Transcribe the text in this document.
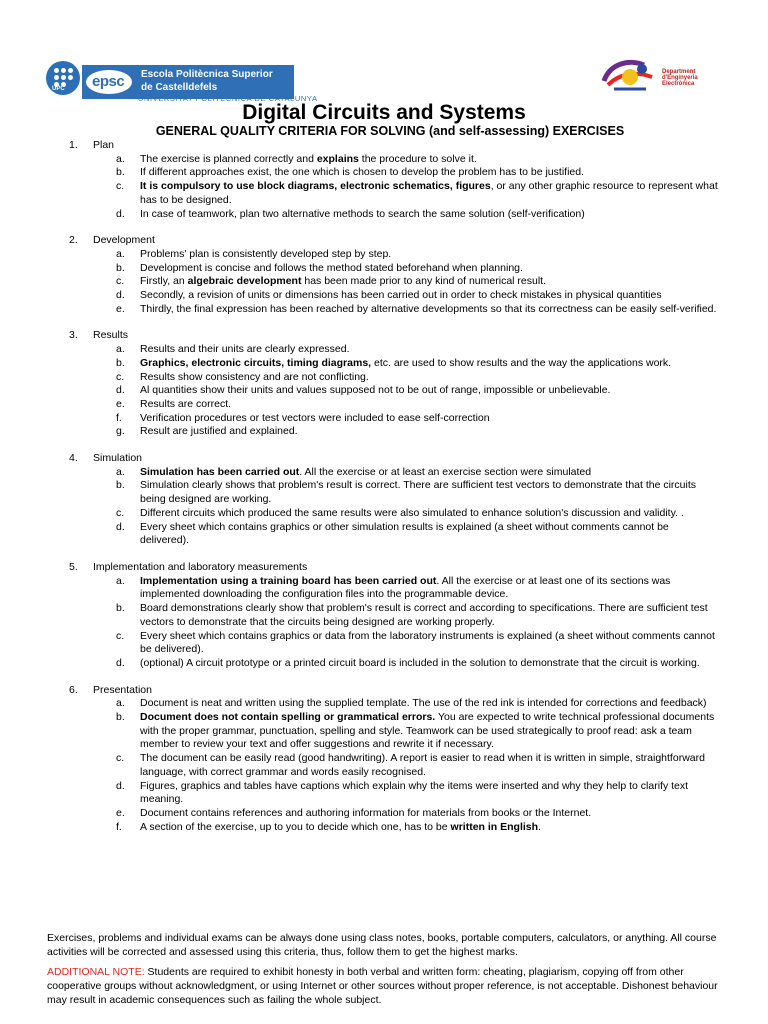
UPC epsc Escola Politècnica Superior
de Castelldefels
UNIVERSITAT POLITÈCNICA DE CATALUNYA
Department
d'Enginyeria
Electrònica
Digital Circuits and Systems
GENERAL QUALITY CRITERIA FOR SOLVING (and self-assessing) EXERCISES
1. Plan
a. The exercise is planned correctly and explains the procedure to solve it.
b. If different approaches exist, the one which is chosen to develop the problem has to be justified.
c. It is compulsory to use block diagrams, electronic schematics, figures, or any other graphic resource to represent what has to be designed.
d. In case of teamwork, plan two alternative methods to search the same solution (self-verification)
2. Development
a. Problems' plan is consistently developed step by step.
b. Development is concise and follows the method stated beforehand when planning.
c. Firstly, an algebraic development has been made prior to any kind of numerical result.
d. Secondly, a revision of units or dimensions has been carried out in order to check mistakes in physical quantities
e. Thirdly, the final expression has been reached by alternative developments so that its correctness can be easily self-verified.
3. Results
a. Results and their units are clearly expressed.
b. Graphics, electronic circuits, timing diagrams, etc. are used to show results and the way the applications work.
c. Results show consistency and are not conflicting.
d. Al quantities show their units and values supposed not to be out of range, impossible or unbelievable.
e. Results are correct.
f. Verification procedures or test vectors were included to ease self-correction
g. Result are justified and explained.
4. Simulation
a. Simulation has been carried out. All the exercise or at least an exercise section were simulated
b. Simulation clearly shows that problem's result is correct. There are sufficient test vectors to demonstrate that the circuits being designed are working.
c. Different circuits which produced the same results were also simulated to enhance solution's discussion and validity. .
d. Every sheet which contains graphics or other simulation results is explained (a sheet without comments cannot be delivered).
5. Implementation and laboratory measurements
a. Implementation using a training board has been carried out. All the exercise or at least one of its sections was implemented downloading the configuration files into the programmable device.
b. Board demonstrations clearly show that problem's result is correct and according to specifications. There are sufficient test vectors to demonstrate that the circuits being designed are working properly.
c. Every sheet which contains graphics or data from the laboratory instruments is explained (a sheet without comments cannot be delivered).
d. (optional) A circuit prototype or a printed circuit board is included in the solution to demonstrate that the circuit is working.
6. Presentation
a. Document is neat and written using the supplied template. The use of the red ink is intended for corrections and feedback)
b. Document does not contain spelling or grammatical errors. You are expected to write technical professional documents with the proper grammar, punctuation, spelling and style. Teamwork can be used strategically to proof read: ask a team member to review your text and offer suggestions and rewrite it if necessary.
c. The document can be easily read (good handwriting). A report is easier to read when it is written in simple, straightforward language, with correct grammar and words easily recognised.
d. Figures, graphics and tables have captions which explain why the items were inserted and why they help to clarify text meaning.
e. Document contains references and authoring information for materials from books or the Internet.
f. A section of the exercise, up to you to decide which one, has to be written in English.

Exercises, problems and individual exams can be always done using class notes, books, portable computers, calculators, or anything. All course activities will be corrected and assessed using this criteria, thus, follow them to get the highest marks.

ADDITIONAL NOTE: Students are required to exhibit honesty in both verbal and written form: cheating, plagiarism, copying off from other cooperative groups without acknowledgment, or using Internet or other sources without proper reference, is not acceptable. Dishonest behaviour may result in academic consequences such as failing the whole subject.
